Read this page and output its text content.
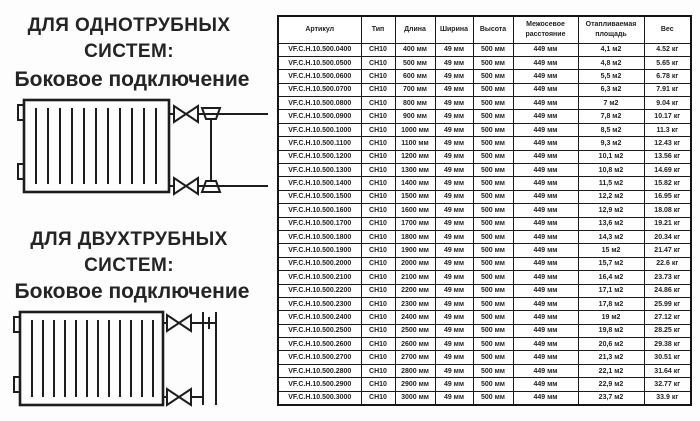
ДЛЯ ОДНОТРУБНЫХ
СИСТЕМ:
Боковое подключение
ДЛЯ ДВУХТРУБНЫХ
СИСТЕМ:
Боковое подключение
Артикул	Тип	Длина	Ширина	Высота	Межосевое расстояние	Отапливаемая площадь	Вес
VF.C.H.10.500.0400	CH10	400 мм	49 мм	500 мм	449 мм	4,1 м2	4.52 кг
VF.C.H.10.500.0500	CH10	500 мм	49 мм	500 мм	449 мм	4,8 м2	5.65 кг
VF.C.H.10.500.0600	CH10	600 мм	49 мм	500 мм	449 мм	5,5 м2	6.78 кг
VF.C.H.10.500.0700	CH10	700 мм	49 мм	500 мм	449 мм	6,3 м2	7.91 кг
VF.C.H.10.500.0800	CH10	800 мм	49 мм	500 мм	449 мм	7 м2	9.04 кг
VF.C.H.10.500.0900	CH10	900 мм	49 мм	500 мм	449 мм	7,8 м2	10.17 кг
VF.C.H.10.500.1000	CH10	1000 мм	49 мм	500 мм	449 мм	8,5 м2	11.3 кг
VF.C.H.10.500.1100	CH10	1100 мм	49 мм	500 мм	449 мм	9,3 м2	12.43 кг
VF.C.H.10.500.1200	CH10	1200 мм	49 мм	500 мм	449 мм	10,1 м2	13.56 кг
VF.C.H.10.500.1300	CH10	1300 мм	49 мм	500 мм	449 мм	10,8 м2	14.69 кг
VF.C.H.10.500.1400	CH10	1400 мм	49 мм	500 мм	449 мм	11,5 м2	15.82 кг
VF.C.H.10.500.1500	CH10	1500 мм	49 мм	500 мм	449 мм	12,2 м2	16.95 кг
VF.C.H.10.500.1600	CH10	1600 мм	49 мм	500 мм	449 мм	12,9 м2	18.08 кг
VF.C.H.10.500.1700	CH10	1700 мм	49 мм	500 мм	449 мм	13,6 м2	19.21 кг
VF.C.H.10.500.1800	CH10	1800 мм	49 мм	500 мм	449 мм	14,3 м2	20.34 кг
VF.C.H.10.500.1900	CH10	1900 мм	49 мм	500 мм	449 мм	15 м2	21.47 кг
VF.C.H.10.500.2000	CH10	2000 мм	49 мм	500 мм	449 мм	15,7 м2	22.6 кг
VF.C.H.10.500.2100	CH10	2100 мм	49 мм	500 мм	449 мм	16,4 м2	23.73 кг
VF.C.H.10.500.2200	CH10	2200 мм	49 мм	500 мм	449 мм	17,1 м2	24.86 кг
VF.C.H.10.500.2300	CH10	2300 мм	49 мм	500 мм	449 мм	17,8 м2	25.99 кг
VF.C.H.10.500.2400	CH10	2400 мм	49 мм	500 мм	449 мм	19 м2	27.12 кг
VF.C.H.10.500.2500	CH10	2500 мм	49 мм	500 мм	449 мм	19,8 м2	28.25 кг
VF.C.H.10.500.2600	CH10	2600 мм	49 мм	500 мм	449 мм	20,6 м2	29.38 кг
VF.C.H.10.500.2700	CH10	2700 мм	49 мм	500 мм	449 мм	21,3 м2	30.51 кг
VF.C.H.10.500.2800	CH10	2800 мм	49 мм	500 мм	449 мм	22,1 м2	31.64 кг
VF.C.H.10.500.2900	CH10	2900 мм	49 мм	500 мм	449 мм	22,9 м2	32.77 кг
VF.C.H.10.500.3000	CH10	3000 мм	49 мм	500 мм	449 мм	23,7 м2	33.9 кг
